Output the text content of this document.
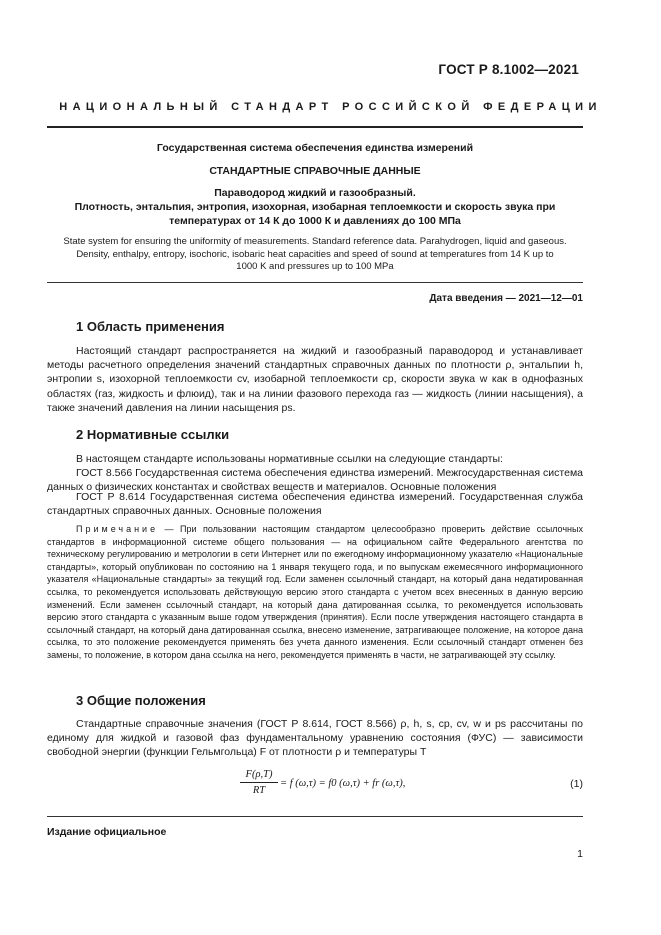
ГОСТ Р 8.1002—2021
НАЦИОНАЛЬНЫЙ СТАНДАРТ РОССИЙСКОЙ ФЕДЕРАЦИИ
Государственная система обеспечения единства измерений
СТАНДАРТНЫЕ СПРАВОЧНЫЕ ДАННЫЕ
Параводород жидкий и газообразный.
Плотность, энтальпия, энтропия, изохорная, изобарная теплоемкости и скорость звука при
температурах от 14 К до 1000 К и давлениях до 100 МПа
State system for ensuring the uniformity of measurements. Standard reference data. Parahydrogen, liquid and gaseous.
Density, enthalpy, entropy, isochoric, isobaric heat capacities and speed of sound at temperatures from 14 K up to
1000 K and pressures up to 100 MPa
Дата введения — 2021—12—01
1 Область применения
Настоящий стандарт распространяется на жидкий и газообразный параводород и устанавливает методы расчетного определения значений стандартных справочных данных по плотности ρ, энтальпии h, энтропии s, изохорной теплоемкости cv, изобарной теплоемкости cp, скорости звука w как в однофазных областях (газ, жидкость и флюид), так и на линии фазового перехода газ — жидкость (линии насыщения), а также значений давления на линии насыщения ps.
2 Нормативные ссылки
В настоящем стандарте использованы нормативные ссылки на следующие стандарты:
ГОСТ 8.566 Государственная система обеспечения единства измерений. Межгосударственная система данных о физических константах и свойствах веществ и материалов. Основные положения
ГОСТ Р 8.614 Государственная система обеспечения единства измерений. Государственная служба стандартных справочных данных. Основные положения
Примечание — При пользовании настоящим стандартом целесообразно проверить действие ссылочных стандартов в информационной системе общего пользования — на официальном сайте Федерального агентства по техническому регулированию и метрологии в сети Интернет или по ежегодному информационному указателю «Национальные стандарты», который опубликован по состоянию на 1 января текущего года, и по выпускам ежемесячного информационного указателя «Национальные стандарты» за текущий год. Если заменен ссылочный стандарт, на который дана недатированная ссылка, то рекомендуется использовать действующую версию этого стандарта с учетом всех внесенных в данную версию изменений. Если заменен ссылочный стандарт, на который дана датированная ссылка, то рекомендуется использовать версию этого стандарта с указанным выше годом утверждения (принятия). Если после утверждения настоящего стандарта в ссылочный стандарт, на который дана датированная ссылка, внесено изменение, затрагивающее положение, на которое дана ссылка, то это положение рекомендуется применять без учета данного изменения. Если ссылочный стандарт отменен без замены, то положение, в котором дана ссылка на него, рекомендуется применять в части, не затрагивающей эту ссылку.
3 Общие положения
Стандартные справочные значения (ГОСТ Р 8.614, ГОСТ 8.566) ρ, h, s, cp, cv, w и ps рассчитаны по единому для жидкой и газовой фаз фундаментальному уравнению состояния (ФУС) — зависимости свободной энергии (функции Гельмгольца) F от плотности ρ и температуры T
$\frac{F(\rho,T)}{RT} = f$ (ω,τ) = f0 (ω,τ) + fr (ω,τ),	(1)
Издание официальное
1
